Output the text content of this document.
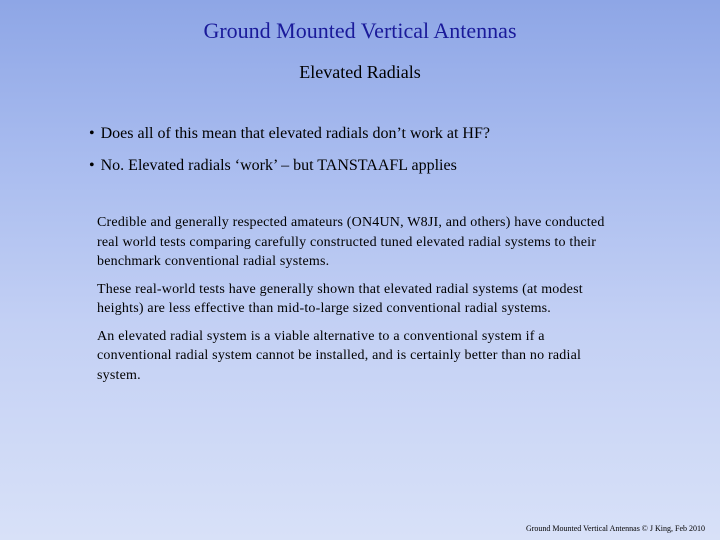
Ground Mounted Vertical Antennas
Elevated Radials
• Does all of this mean that elevated radials don’t work at HF?
• No. Elevated radials ‘work’ – but TANSTAAFL applies

Credible and generally respected amateurs (ON4UN, W8JI, and others) have conducted real world tests comparing carefully constructed tuned elevated radial systems to their benchmark conventional radial systems.

These real-world tests have generally shown that elevated radial systems (at modest heights) are less effective than mid-to-large sized conventional radial systems.

An elevated radial system is a viable alternative to a conventional system if a conventional radial system cannot be installed, and is certainly better than no radial system.

Ground Mounted Vertical Antennas © J King, Feb 2010
